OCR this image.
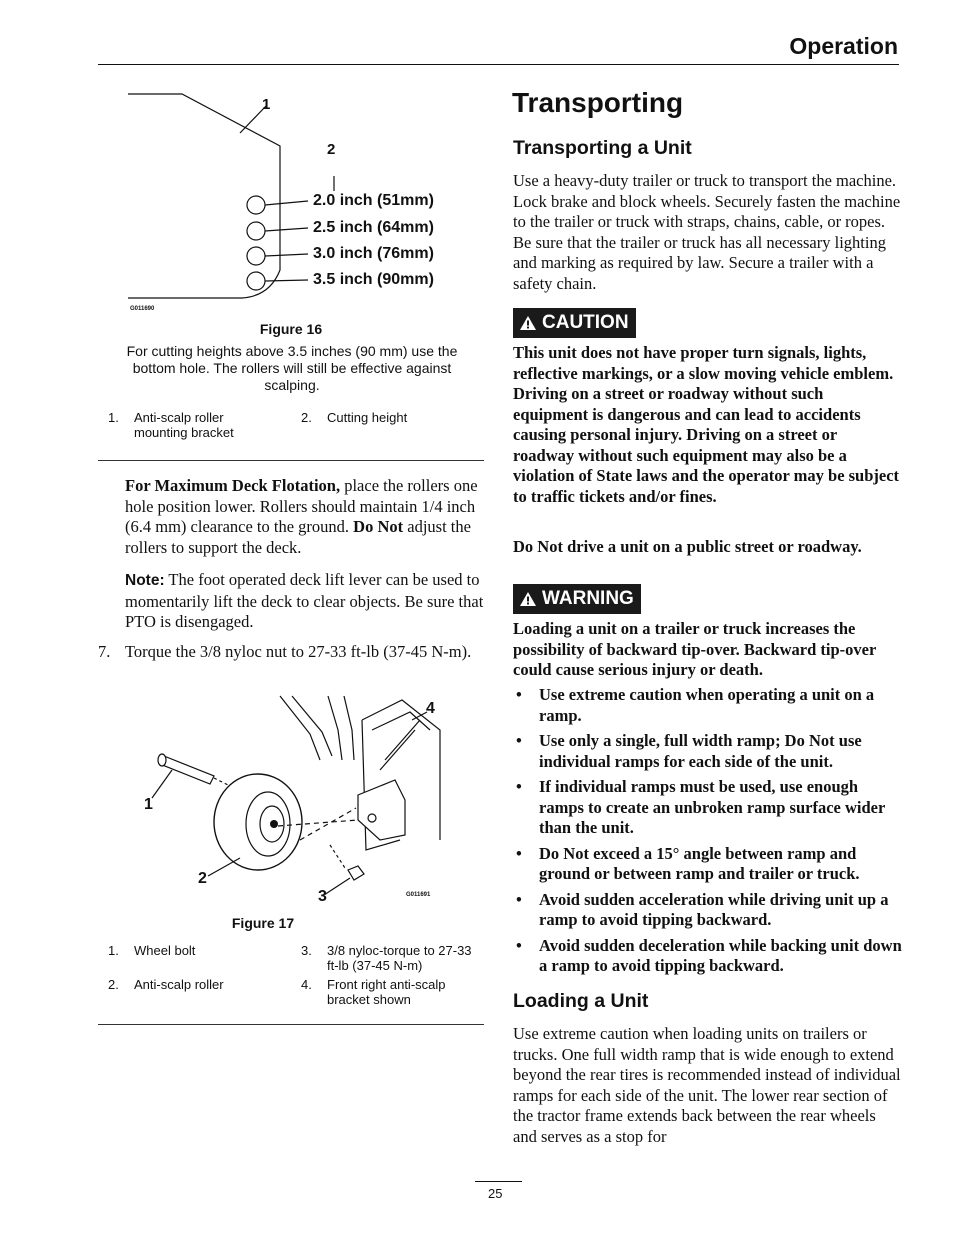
Operation
1
2
2.0 inch (51mm)
2.5 inch (64mm)
3.0 inch (76mm)
3.5 inch (90mm)
G011690
Figure 16
For cutting heights above 3.5 inches (90 mm) use the bottom hole. The rollers will still be effective against scalping.
1. Anti-scalp roller mounting bracket
2. Cutting height
For Maximum Deck Flotation, place the rollers one hole position lower. Rollers should maintain 1/4 inch (6.4 mm) clearance to the ground. Do Not adjust the rollers to support the deck.
Note: The foot operated deck lift lever can be used to momentarily lift the deck to clear objects. Be sure that PTO is disengaged.
7. Torque the 3/8 nyloc nut to 27-33 ft-lb (37-45 N-m).
4
1
2
3	G011691
Figure 17
1. Wheel bolt	3. 3/8 nyloc-torque to 27-33 ft-lb (37-45 N-m)
2. Anti-scalp roller	4. Front right anti-scalp bracket shown
Transporting
Transporting a Unit
Use a heavy-duty trailer or truck to transport the machine. Lock brake and block wheels. Securely fasten the machine to the trailer or truck with straps, chains, cable, or ropes. Be sure that the trailer or truck has all necessary lighting and marking as required by law. Secure a trailer with a safety chain.
CAUTION
This unit does not have proper turn signals, lights, reflective markings, or a slow moving vehicle emblem. Driving on a street or roadway without such equipment is dangerous and can lead to accidents causing personal injury. Driving on a street or roadway without such equipment may also be a violation of State laws and the operator may be subject to traffic tickets and/or fines.
Do Not drive a unit on a public street or roadway.
WARNING
Loading a unit on a trailer or truck increases the possibility of backward tip-over. Backward tip-over could cause serious injury or death.
• Use extreme caution when operating a unit on a ramp.
• Use only a single, full width ramp; Do Not use individual ramps for each side of the unit.
• If individual ramps must be used, use enough ramps to create an unbroken ramp surface wider than the unit.
• Do Not exceed a 15° angle between ramp and ground or between ramp and trailer or truck.
• Avoid sudden acceleration while driving unit up a ramp to avoid tipping backward.
• Avoid sudden deceleration while backing unit down a ramp to avoid tipping backward.
Loading a Unit
Use extreme caution when loading units on trailers or trucks. One full width ramp that is wide enough to extend beyond the rear tires is recommended instead of individual ramps for each side of the unit. The lower rear section of the tractor frame extends back between the rear wheels and serves as a stop for
25
